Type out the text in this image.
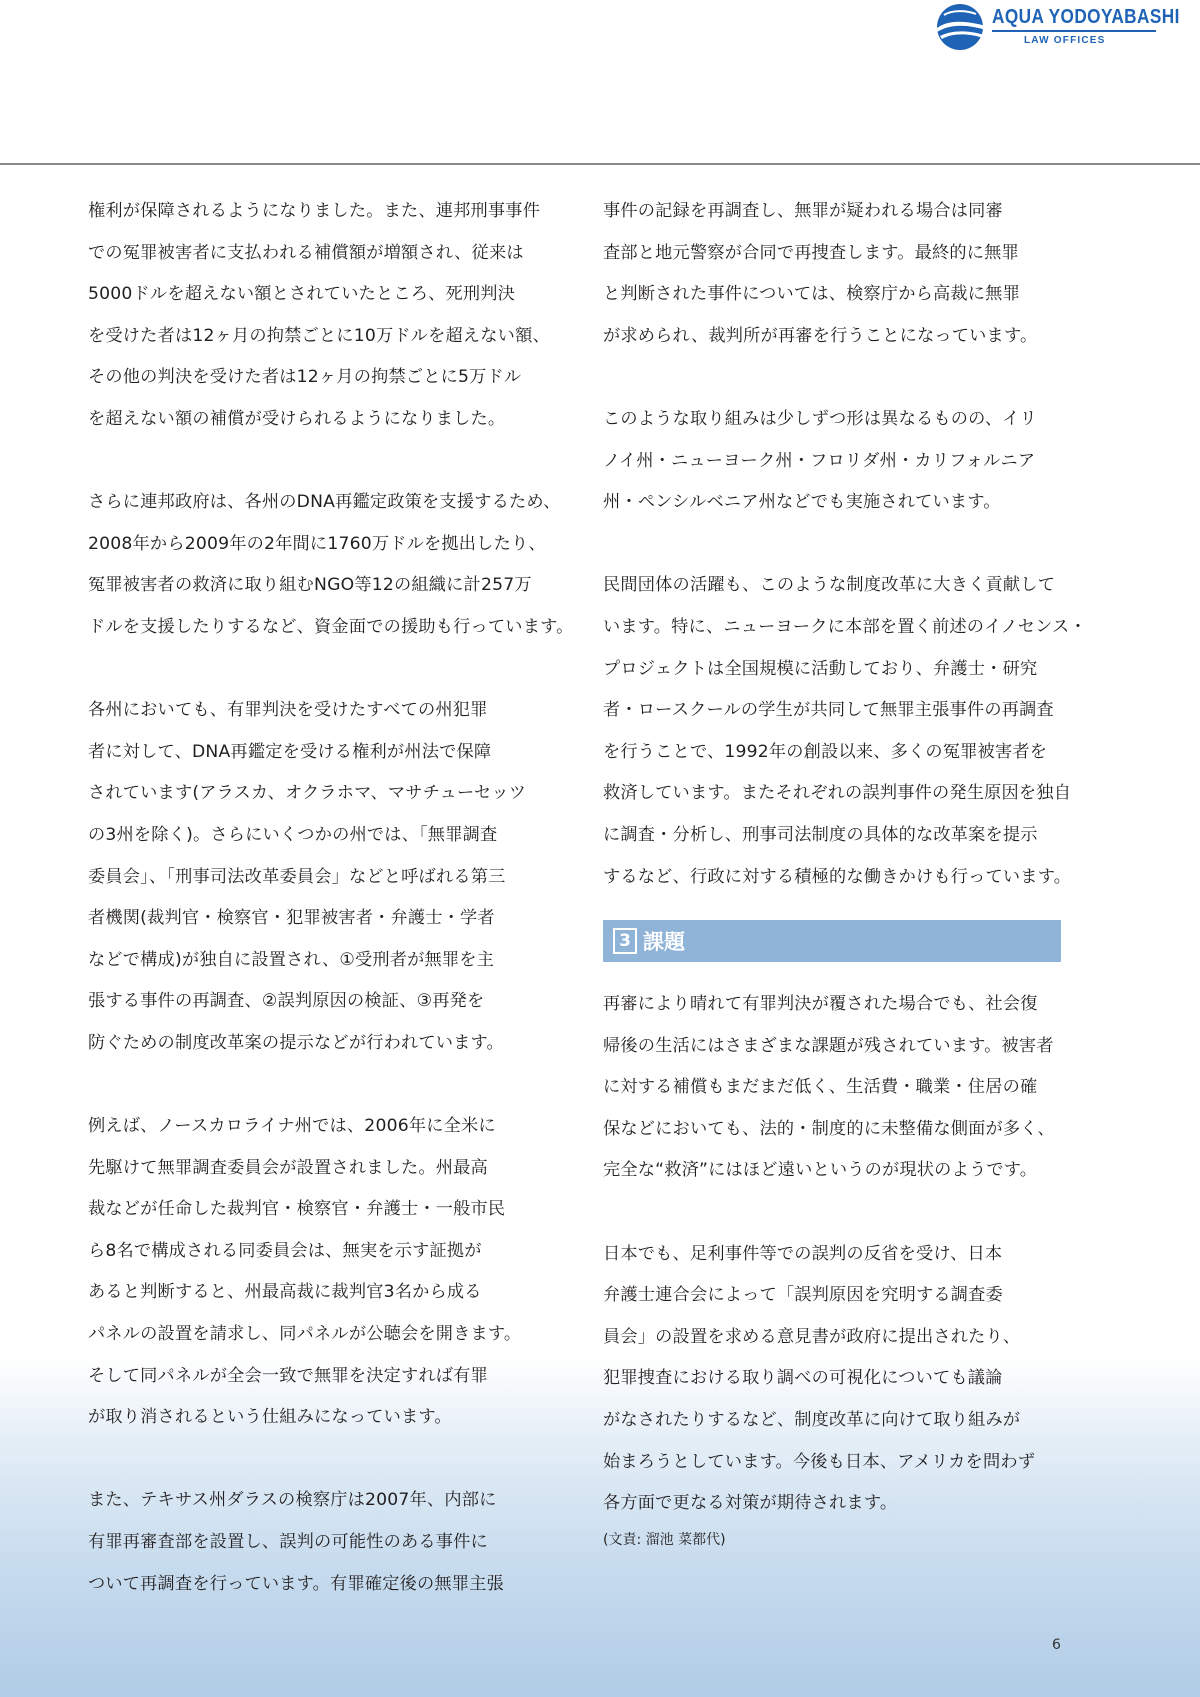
AQUA YODOYABASHI
LAW OFFICES

権利が保障されるようになりました。また、連邦刑事事件
での冤罪被害者に支払われる補償額が増額され、従来は
5000ドルを超えない額とされていたところ、死刑判決
を受けた者は12ヶ月の拘禁ごとに10万ドルを超えない額、
その他の判決を受けた者は12ヶ月の拘禁ごとに5万ドル
を超えない額の補償が受けられるようになりました。

さらに連邦政府は、各州のDNA再鑑定政策を支援するため、
2008年から2009年の2年間に1760万ドルを拠出したり、
冤罪被害者の救済に取り組むNGO等12の組織に計257万
ドルを支援したりするなど、資金面での援助も行っています。

各州においても、有罪判決を受けたすべての州犯罪
者に対して、DNA再鑑定を受ける権利が州法で保障
されています(アラスカ、オクラホマ、マサチューセッツ
の3州を除く)。さらにいくつかの州では、「無罪調査
委員会」、「刑事司法改革委員会」などと呼ばれる第三
者機関(裁判官・検察官・犯罪被害者・弁護士・学者
などで構成)が独自に設置され、①受刑者が無罪を主
張する事件の再調査、②誤判原因の検証、③再発を
防ぐための制度改革案の提示などが行われています。

例えば、ノースカロライナ州では、2006年に全米に
先駆けて無罪調査委員会が設置されました。州最高
裁などが任命した裁判官・検察官・弁護士・一般市民
ら8名で構成される同委員会は、無実を示す証拠が
あると判断すると、州最高裁に裁判官3名から成る
パネルの設置を請求し、同パネルが公聴会を開きます。
そして同パネルが全会一致で無罪を決定すれば有罪
が取り消されるという仕組みになっています。

また、テキサス州ダラスの検察庁は2007年、内部に
有罪再審査部を設置し、誤判の可能性のある事件に
ついて再調査を行っています。有罪確定後の無罪主張

事件の記録を再調査し、無罪が疑われる場合は同審
査部と地元警察が合同で再捜査します。最終的に無罪
と判断された事件については、検察庁から高裁に無罪
が求められ、裁判所が再審を行うことになっています。

このような取り組みは少しずつ形は異なるものの、イリ
ノイ州・ニューヨーク州・フロリダ州・カリフォルニア
州・ペンシルベニア州などでも実施されています。

民間団体の活躍も、このような制度改革に大きく貢献して
います。特に、ニューヨークに本部を置く前述のイノセンス・
プロジェクトは全国規模に活動しており、弁護士・研究
者・ロースクールの学生が共同して無罪主張事件の再調査
を行うことで、1992年の創設以来、多くの冤罪被害者を
救済しています。またそれぞれの誤判事件の発生原因を独自
に調査・分析し、刑事司法制度の具体的な改革案を提示
するなど、行政に対する積極的な働きかけも行っています。

3 課題

再審により晴れて有罪判決が覆された場合でも、社会復
帰後の生活にはさまざまな課題が残されています。被害者
に対する補償もまだまだ低く、生活費・職業・住居の確
保などにおいても、法的・制度的に未整備な側面が多く、
完全な“救済”にはほど遠いというのが現状のようです。

日本でも、足利事件等での誤判の反省を受け、日本
弁護士連合会によって「誤判原因を究明する調査委
員会」の設置を求める意見書が政府に提出されたり、
犯罪捜査における取り調べの可視化についても議論
がなされたりするなど、制度改革に向けて取り組みが
始まろうとしています。今後も日本、アメリカを問わず
各方面で更なる対策が期待されます。

(文責: 溜池 菜都代)
6
